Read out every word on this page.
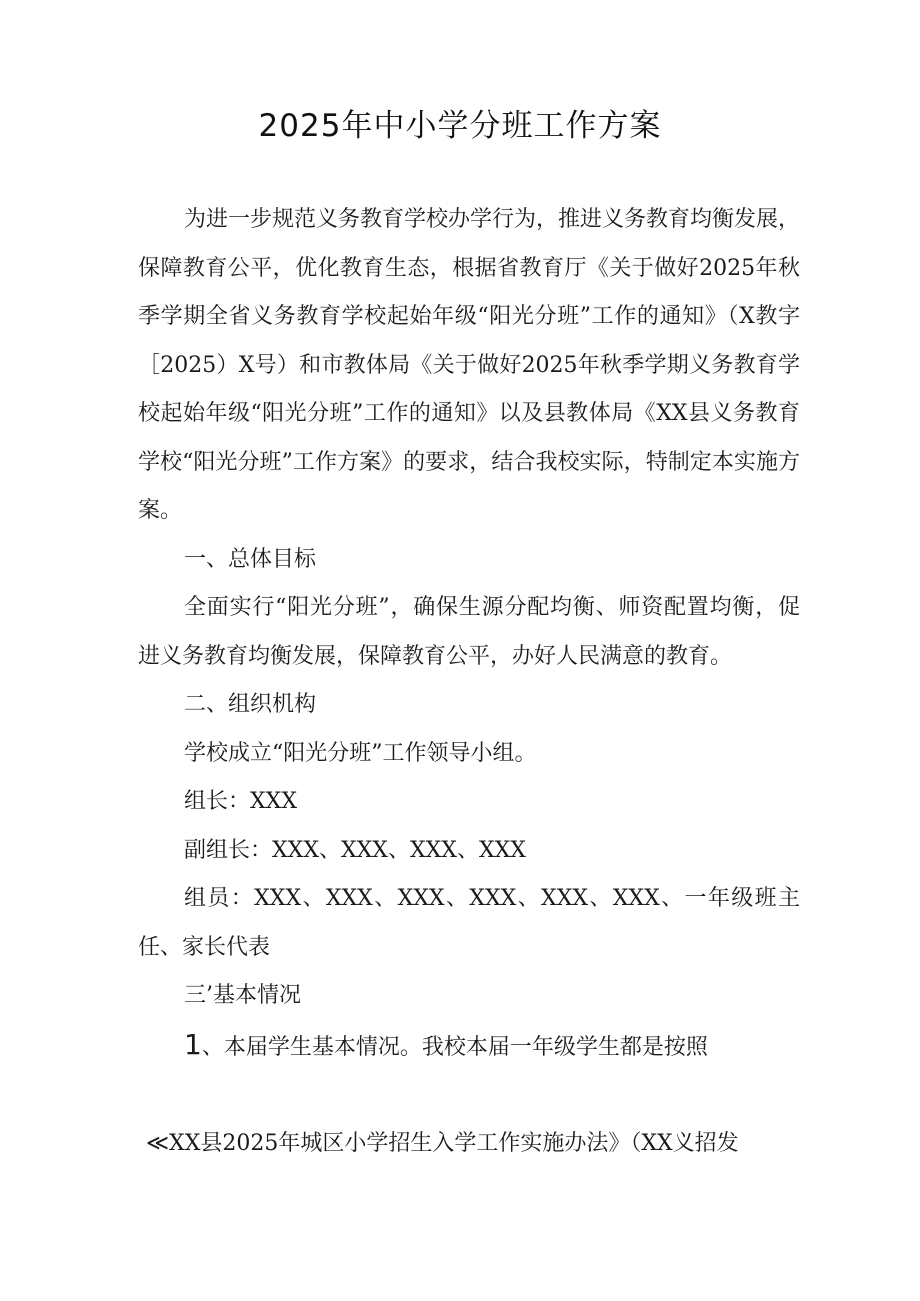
2025年中小学分班工作方案

为进一步规范义务教育学校办学行为，推进义务教育均衡发展，保障教育公平，优化教育生态，根据省教育厅《关于做好2025年秋季学期全省义务教育学校起始年级“阳光分班”工作的通知》（X教字［2025）X号）和市教体局《关于做好2025年秋季学期义务教育学校起始年级“阳光分班”工作的通知》以及县教体局《XX县义务教育学校“阳光分班”工作方案》的要求，结合我校实际，特制定本实施方案。

一、总体目标

全面实行“阳光分班”，确保生源分配均衡、师资配置均衡，促进义务教育均衡发展，保障教育公平，办好人民满意的教育。

二、组织机构

学校成立“阳光分班”工作领导小组。

组长：XXX

副组长：XXX、XXX、XXX、XXX

组员：XXX、XXX、XXX、XXX、XXX、XXX、一年级班主任、家长代表

三’基本情况

1、本届学生基本情况。我校本届一年级学生都是按照

≪XX县2025年城区小学招生入学工作实施办法》（XX义招发
